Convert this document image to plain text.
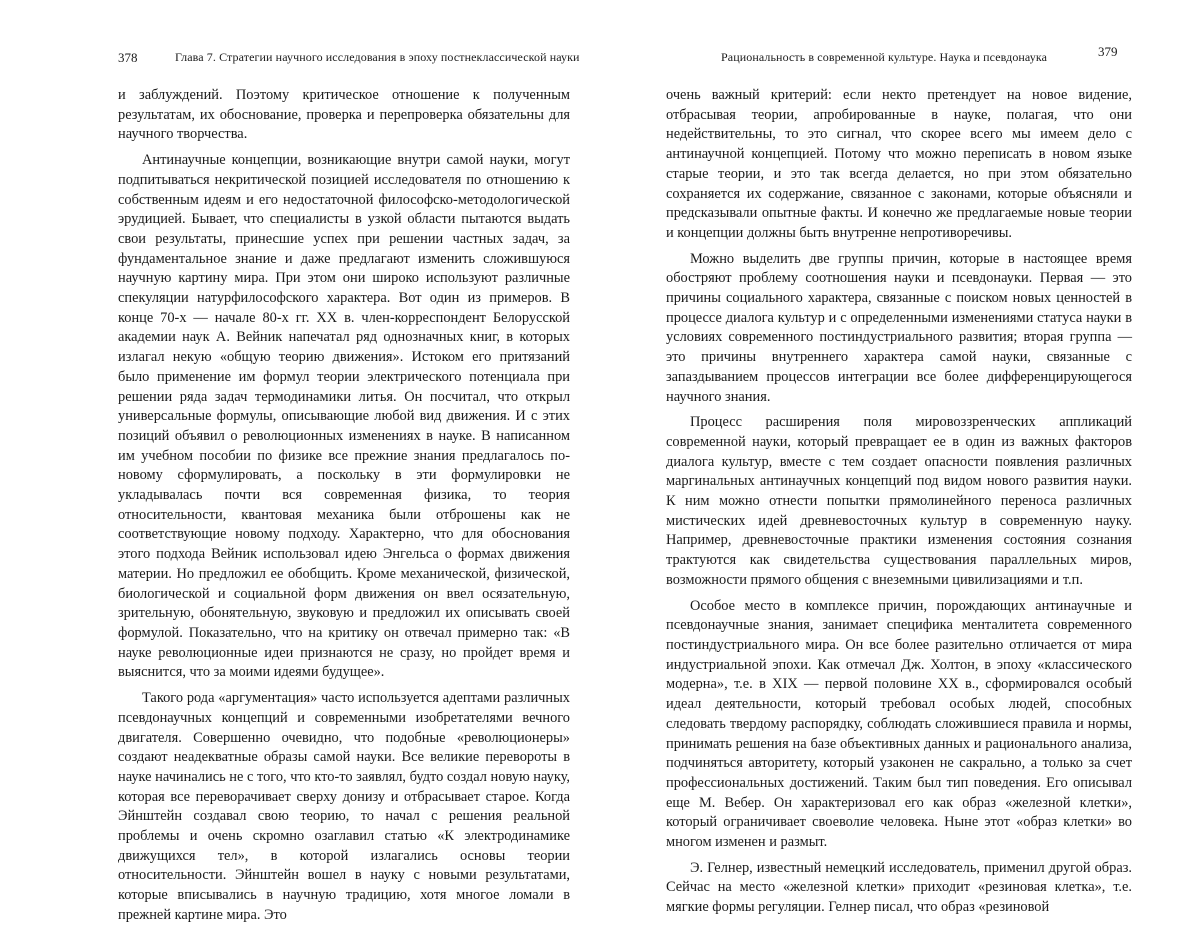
378	Глава 7. Стратегии научного исследования в эпоху постнеклассической науки

и заблуждений. Поэтому критическое отношение к полученным результатам, их обоснование, проверка и перепроверка обязательны для научного творчества.

Антинаучные концепции, возникающие внутри самой науки, могут подпитываться некритической позицией исследователя по отношению к собственным идеям и его недостаточной философско-методологической эрудицией. Бывает, что специалисты в узкой области пытаются выдать свои результаты, принесшие успех при решении частных задач, за фундаментальное знание и даже предлагают изменить сложившуюся научную картину мира. При этом они широко используют различные спекуляции натурфилософского характера. Вот один из примеров. В конце 70-х — начале 80-х гг. XX в. член-корреспондент Белорусской академии наук А. Вейник напечатал ряд однозначных книг, в которых излагал некую «общую теорию движения». Истоком его притязаний было применение им формул теории электрического потенциала при решении ряда задач термодинамики литья. Он посчитал, что открыл универсальные формулы, описывающие любой вид движения. И с этих позиций объявил о революционных изменениях в науке. В написанном им учебном пособии по физике все прежние знания предлагалось по-новому сформулировать, а поскольку в эти формулировки не укладывалась почти вся современная физика, то теория относительности, квантовая механика были отброшены как не соответствующие новому подходу. Характерно, что для обоснования этого подхода Вейник использовал идею Энгельса о формах движения материи. Но предложил ее обобщить. Кроме механической, физической, биологической и социальной форм движения он ввел осязательную, зрительную, обонятельную, звуковую и предложил их описывать своей формулой. Показательно, что на критику он отвечал примерно так: «В науке революционные идеи признаются не сразу, но пройдет время и выяснится, что за моими идеями будущее».

Такого рода «аргументация» часто используется адептами различных псевдонаучных концепций и современными изобретателями вечного двигателя. Совершенно очевидно, что подобные «революционеры» создают неадекватные образы самой науки. Все великие перевороты в науке начинались не с того, что кто-то заявлял, будто создал новую науку, которая все переворачивает сверху донизу и отбрасывает старое. Когда Эйнштейн создавал свою теорию, то начал с решения реальной проблемы и очень скромно озаглавил статью «К электродинамике движущихся тел», в которой излагались основы теории относительности. Эйнштейн вошел в науку с новыми результатами, которые вписывались в научную традицию, хотя многое ломали в прежней картине мира. Это

Рациональность в современной культуре. Наука и псевдонаука	379

очень важный критерий: если некто претендует на новое видение, отбрасывая теории, апробированные в науке, полагая, что они недействительны, то это сигнал, что скорее всего мы имеем дело с антинаучной концепцией. Потому что можно переписать в новом языке старые теории, и это так всегда делается, но при этом обязательно сохраняется их содержание, связанное с законами, которые объясняли и предсказывали опытные факты. И конечно же предлагаемые новые теории и концепции должны быть внутренне непротиворечивы.

Можно выделить две группы причин, которые в настоящее время обостряют проблему соотношения науки и псевдонауки. Первая — это причины социального характера, связанные с поиском новых ценностей в процессе диалога культур и с определенными изменениями статуса науки в условиях современного постиндустриального развития; вторая группа — это причины внутреннего характера самой науки, связанные с запаздыванием процессов интеграции все более дифференцирующегося научного знания.

Процесс расширения поля мировоззренческих аппликаций современной науки, который превращает ее в один из важных факторов диалога культур, вместе с тем создает опасности появления различных маргинальных антинаучных концепций под видом нового развития науки. К ним можно отнести попытки прямолинейного переноса различных мистических идей древневосточных культур в современную науку. Например, древневосточные практики изменения состояния сознания трактуются как свидетельства существования параллельных миров, возможности прямого общения с внеземными цивилизациями и т.п.

Особое место в комплексе причин, порождающих антинаучные и псевдонаучные знания, занимает специфика менталитета современного постиндустриального мира. Он все более разительно отличается от мира индустриальной эпохи. Как отмечал Дж. Холтон, в эпоху «классического модерна», т.е. в XIX — первой половине XX в., сформировался особый идеал деятельности, который требовал особых людей, способных следовать твердому распорядку, соблюдать сложившиеся правила и нормы, принимать решения на базе объективных данных и рационального анализа, подчиняться авторитету, который узаконен не сакрально, а только за счет профессиональных достижений. Таким был тип поведения. Его описывал еще М. Вебер. Он характеризовал его как образ «железной клетки», который ограничивает своеволие человека. Ныне этот «образ клетки» во многом изменен и размыт.

Э. Гелнер, известный немецкий исследователь, применил другой образ. Сейчас на место «железной клетки» приходит «резиновая клетка», т.е. мягкие формы регуляции. Гелнер писал, что образ «резиновой
